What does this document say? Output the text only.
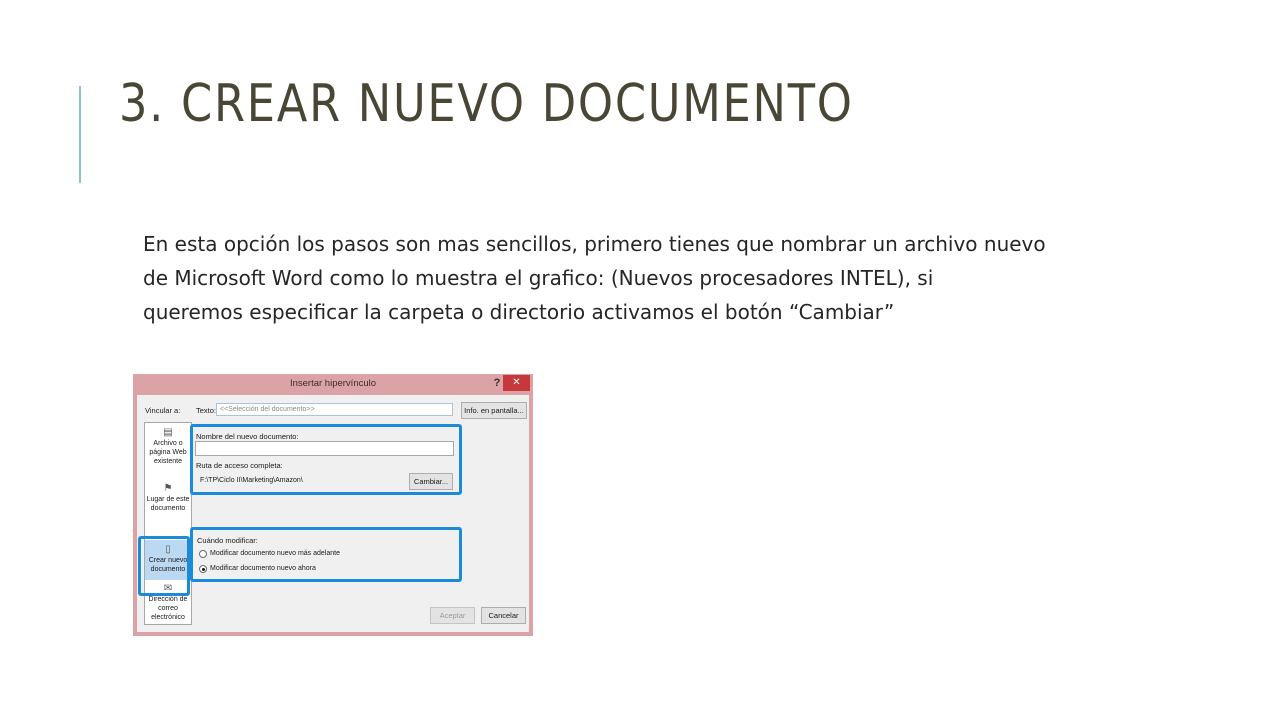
3. CREAR NUEVO DOCUMENTO

En esta opción los pasos son mas sencillos, primero tienes que nombrar un archivo nuevo
de Microsoft Word como lo muestra el grafico: (Nuevos procesadores INTEL), si
queremos especificar la carpeta o directorio activamos el botón “Cambiar”

Insertar hipervínculo	?	✕
Vincular a:
▤
Archivo o página Web existente
⚑
Lugar de este documento
▯
Crear nuevo documento
✉
Dirección de correo electrónico
Texto: <<Selección del documento>>	Info. en pantalla...
Nombre del nuevo documento:
Ruta de acceso completa:
F:\TP\Ciclo II\Marketing\Amazon\	Cambiar...
Cuándo modificar:
Modificar documento nuevo más adelante
Modificar documento nuevo ahora
Aceptar	Cancelar
